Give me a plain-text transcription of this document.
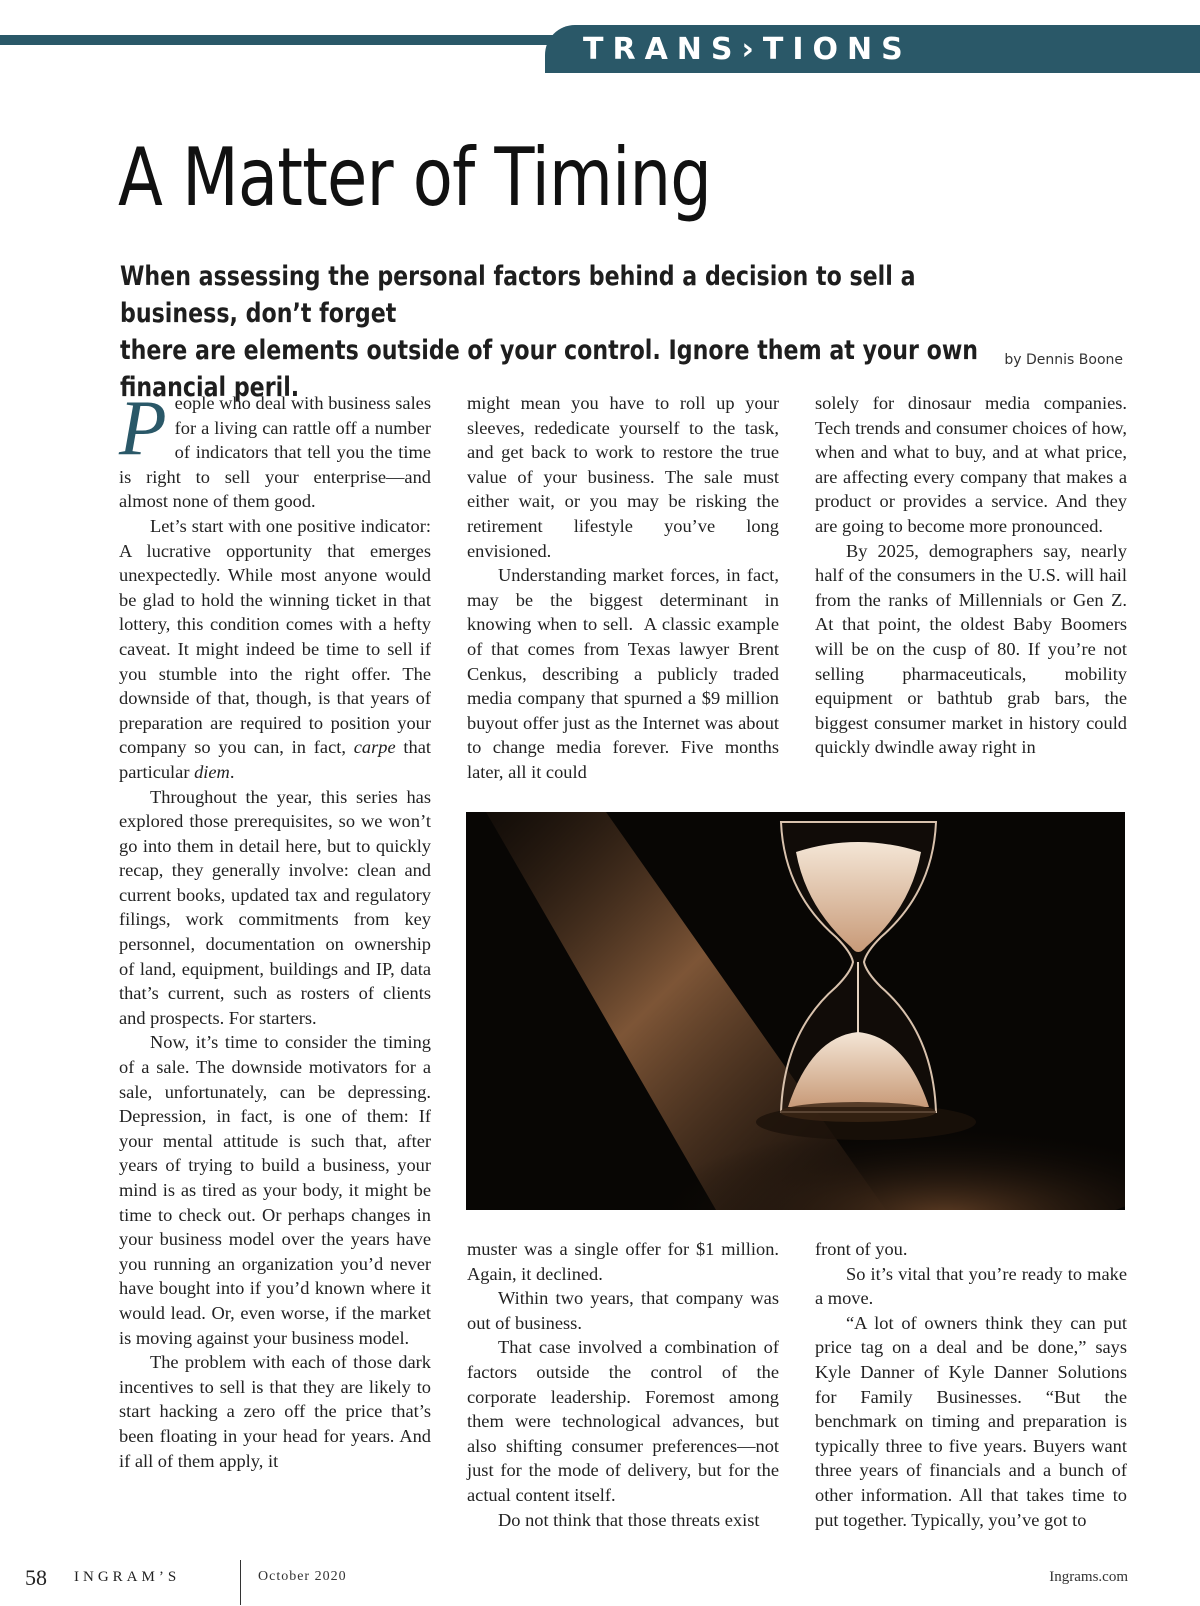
TRANS›TIONS
A Matter of Timing

When assessing the personal factors behind a decision to sell a business, don’t forget
there are elements outside of your control. Ignore them at your own financial peril.

by Dennis Boone

People who deal with business sales for a living can rattle off a number of indicators that tell you the time is right to sell your enterprise—and almost none of them good.

Let’s start with one positive indicator: A lucrative opportunity that emerges unexpectedly. While most anyone would be glad to hold the winning ticket in that lottery, this condition comes with a hefty caveat. It might indeed be time to sell if you stumble into the right offer. The downside of that, though, is that years of preparation are required to position your company so you can, in fact, carpe that particular diem.

Throughout the year, this series has explored those prerequisites, so we won’t go into them in detail here, but to quickly recap, they generally involve: clean and current books, updated tax and regulatory filings, work commitments from key personnel, documentation on ownership of land, equipment, buildings and IP, data that’s current, such as rosters of clients and prospects. For starters.

Now, it’s time to consider the timing of a sale. The downside motivators for a sale, unfortunately, can be depressing. Depression, in fact, is one of them: If your mental attitude is such that, after years of trying to build a business, your mind is as tired as your body, it might be time to check out. Or perhaps changes in your business model over the years have you running an organization you’d never have bought into if you’d known where it would lead. Or, even worse, if the market is moving against your business model.

The problem with each of those dark incentives to sell is that they are likely to start hacking a zero off the price that’s been floating in your head for years. And if all of them apply, it

might mean you have to roll up your sleeves, rededicate yourself to the task, and get back to work to restore the true value of your business. The sale must either wait, or you may be risking the retirement lifestyle you’ve long envisioned.

Understanding market forces, in fact, may be the biggest determinant in knowing when to sell.  A classic example of that comes from Texas lawyer Brent Cenkus, describing a publicly traded media company that spurned a $9 million buyout offer just as the Internet was about to change media forever. Five months later, all it could

solely for dinosaur media companies. Tech trends and consumer choices of how, when and what to buy, and at what price, are affecting every company that makes a product or provides a service. And they are going to become more pronounced.

By 2025, demographers say, nearly half of the consumers in the U.S. will hail from the ranks of Millennials or Gen Z. At that point, the oldest Baby Boomers will be on the cusp of 80. If you’re not selling pharmaceuticals, mobility equipment or bathtub grab bars, the biggest consumer market in history could quickly dwindle away right in

muster was a single offer for $1 million. Again, it declined.

Within two years, that company was out of business.

That case involved a combination of factors outside the control of the corporate leadership. Foremost among them were technological advances, but also shifting consumer preferences—not just for the mode of delivery, but for the actual content itself.

Do not think that those threats exist

front of you.

So it’s vital that you’re ready to make a move.

“A lot of owners think they can put price tag on a deal and be done,” says Kyle Danner of Kyle Danner Solutions for Family Businesses. “But the benchmark on timing and preparation is typically three to five years. Buyers want three years of financials and a bunch of other information. All that takes time to put together. Typically, you’ve got to

58 INGRAM’S	October 2020	Ingrams.com
